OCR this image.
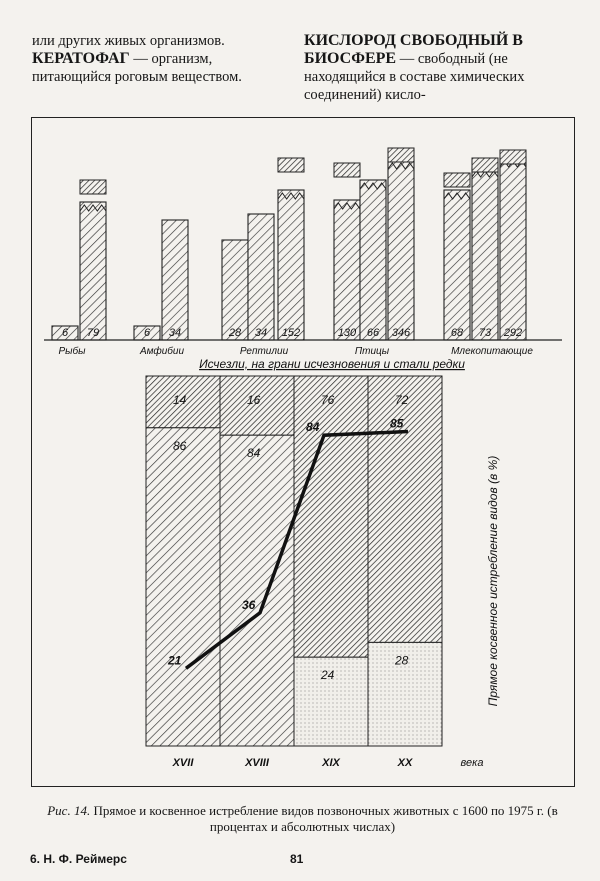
или других живых организмов.
КЕРАТОФАГ — организм, питающийся роговым веществом.
КИСЛОРОД СВОБОДНЫЙ В БИОСФЕРЕ — свободный (не находящийся в составе химических соединений) кисло-
6 79	6 34	28 34 152	130 66 346	68 73 292
Рыбы	Амфибии	Рептилии	Птицы	Млекопитающие
Исчезли, на грани исчезновения и стали редки
14
86
XVII
16
84
XVIII
76
24
XIX
72
28
XX	века
21
36
84	85
Прямое косвенное истребление видов (в %)
Рис. 14. Прямое и косвенное истребление видов позвоночных животных с 1600 по 1975 г. (в процентах и абсолютных числах)
6. Н. Ф. Реймерс	81
